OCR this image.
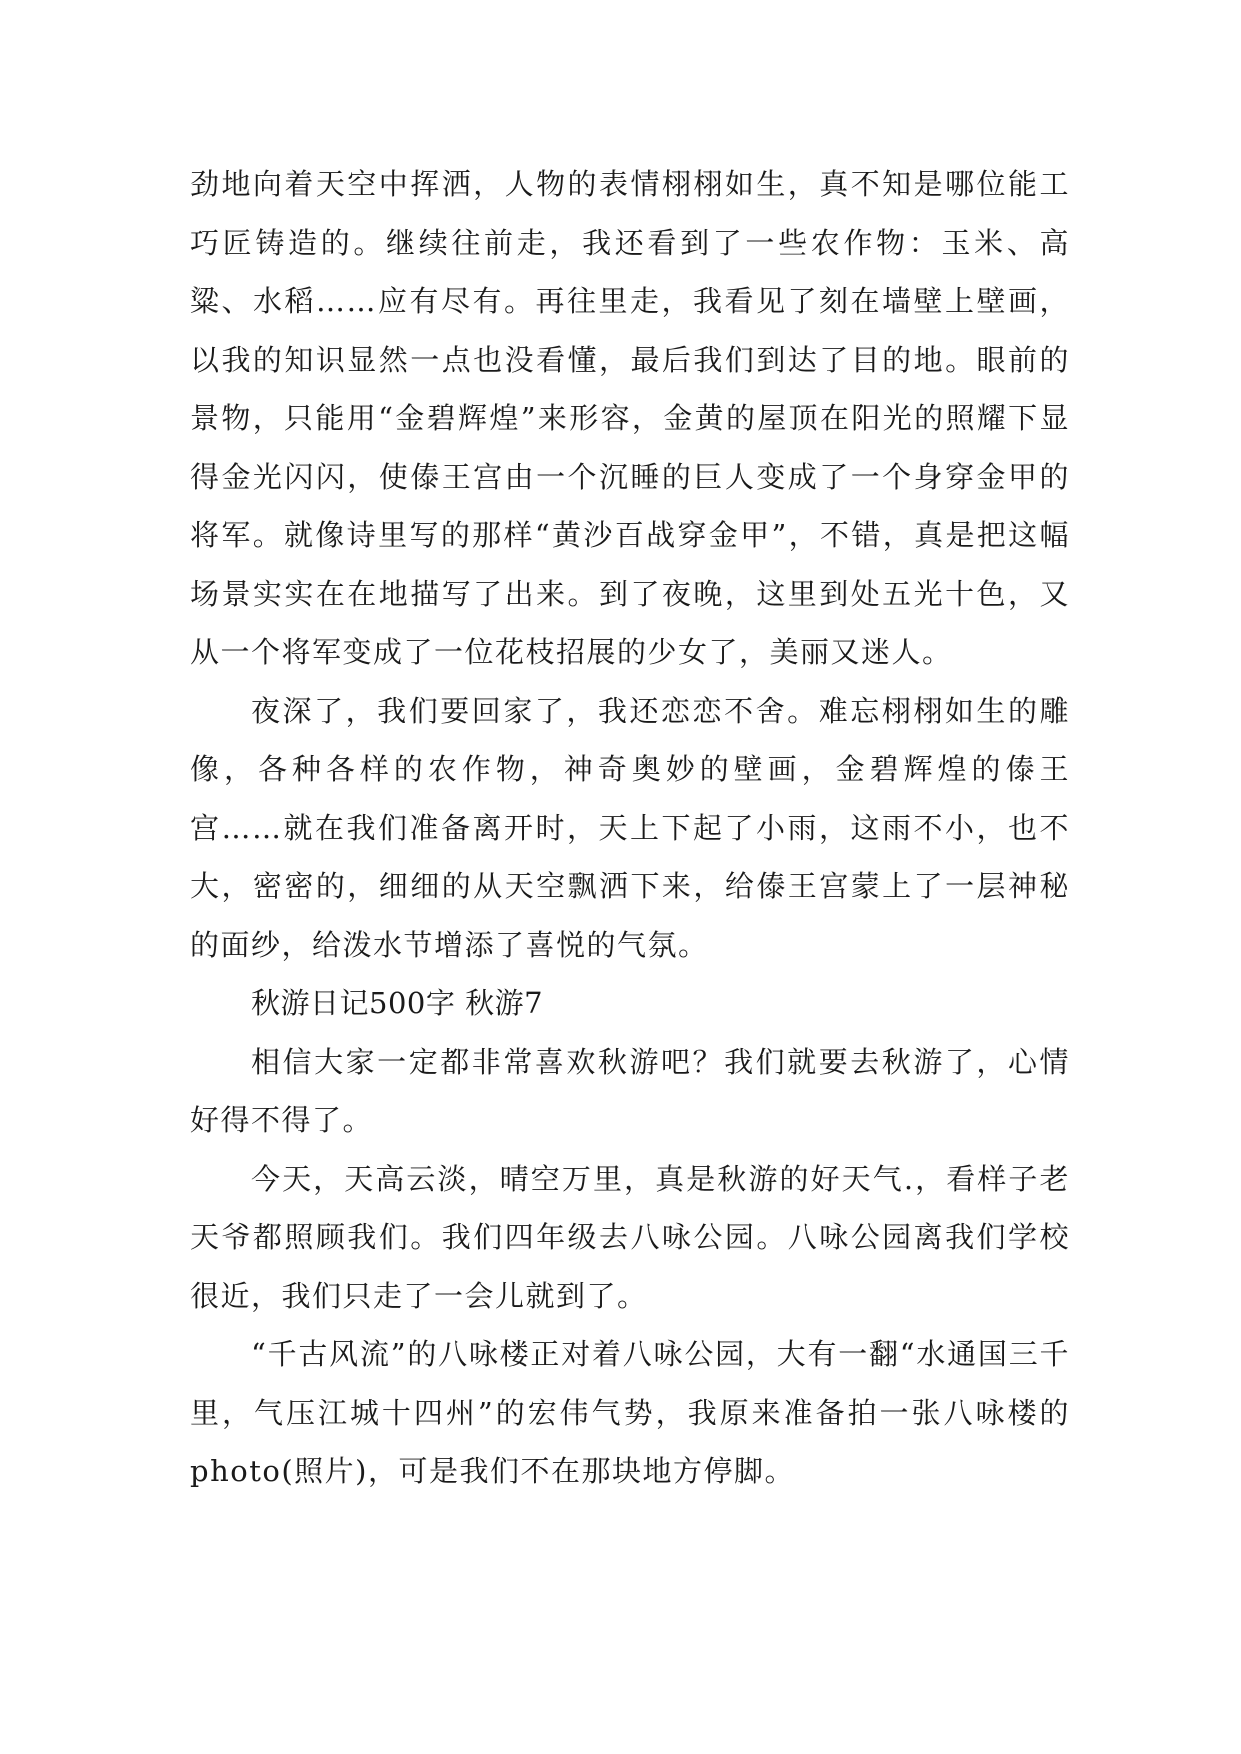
劲地向着天空中挥洒，人物的表情栩栩如生，真不知是哪位能工巧匠铸造的。继续往前走，我还看到了一些农作物：玉米、高粱、水稻……应有尽有。再往里走，我看见了刻在墙壁上壁画，以我的知识显然一点也没看懂，最后我们到达了目的地。眼前的景物，只能用“金碧辉煌”来形容，金黄的屋顶在阳光的照耀下显得金光闪闪，使傣王宫由一个沉睡的巨人变成了一个身穿金甲的将军。就像诗里写的那样“黄沙百战穿金甲”，不错，真是把这幅场景实实在在地描写了出来。到了夜晚，这里到处五光十色，又从一个将军变成了一位花枝招展的少女了，美丽又迷人。

夜深了，我们要回家了，我还恋恋不舍。难忘栩栩如生的雕像，各种各样的农作物，神奇奥妙的壁画，金碧辉煌的傣王宫……就在我们准备离开时，天上下起了小雨，这雨不小，也不大，密密的，细细的从天空飘洒下来，给傣王宫蒙上了一层神秘的面纱，给泼水节增添了喜悦的气氛。

秋游日记500字 秋游7

相信大家一定都非常喜欢秋游吧？我们就要去秋游了，心情好得不得了。

今天，天高云淡，晴空万里，真是秋游的好天气.，看样子老天爷都照顾我们。我们四年级去八咏公园。八咏公园离我们学校很近，我们只走了一会儿就到了。

“千古风流”的八咏楼正对着八咏公园，大有一翻“水通国三千里，气压江城十四州”的宏伟气势，我原来准备拍一张八咏楼的photo(照片)，可是我们不在那块地方停脚。
